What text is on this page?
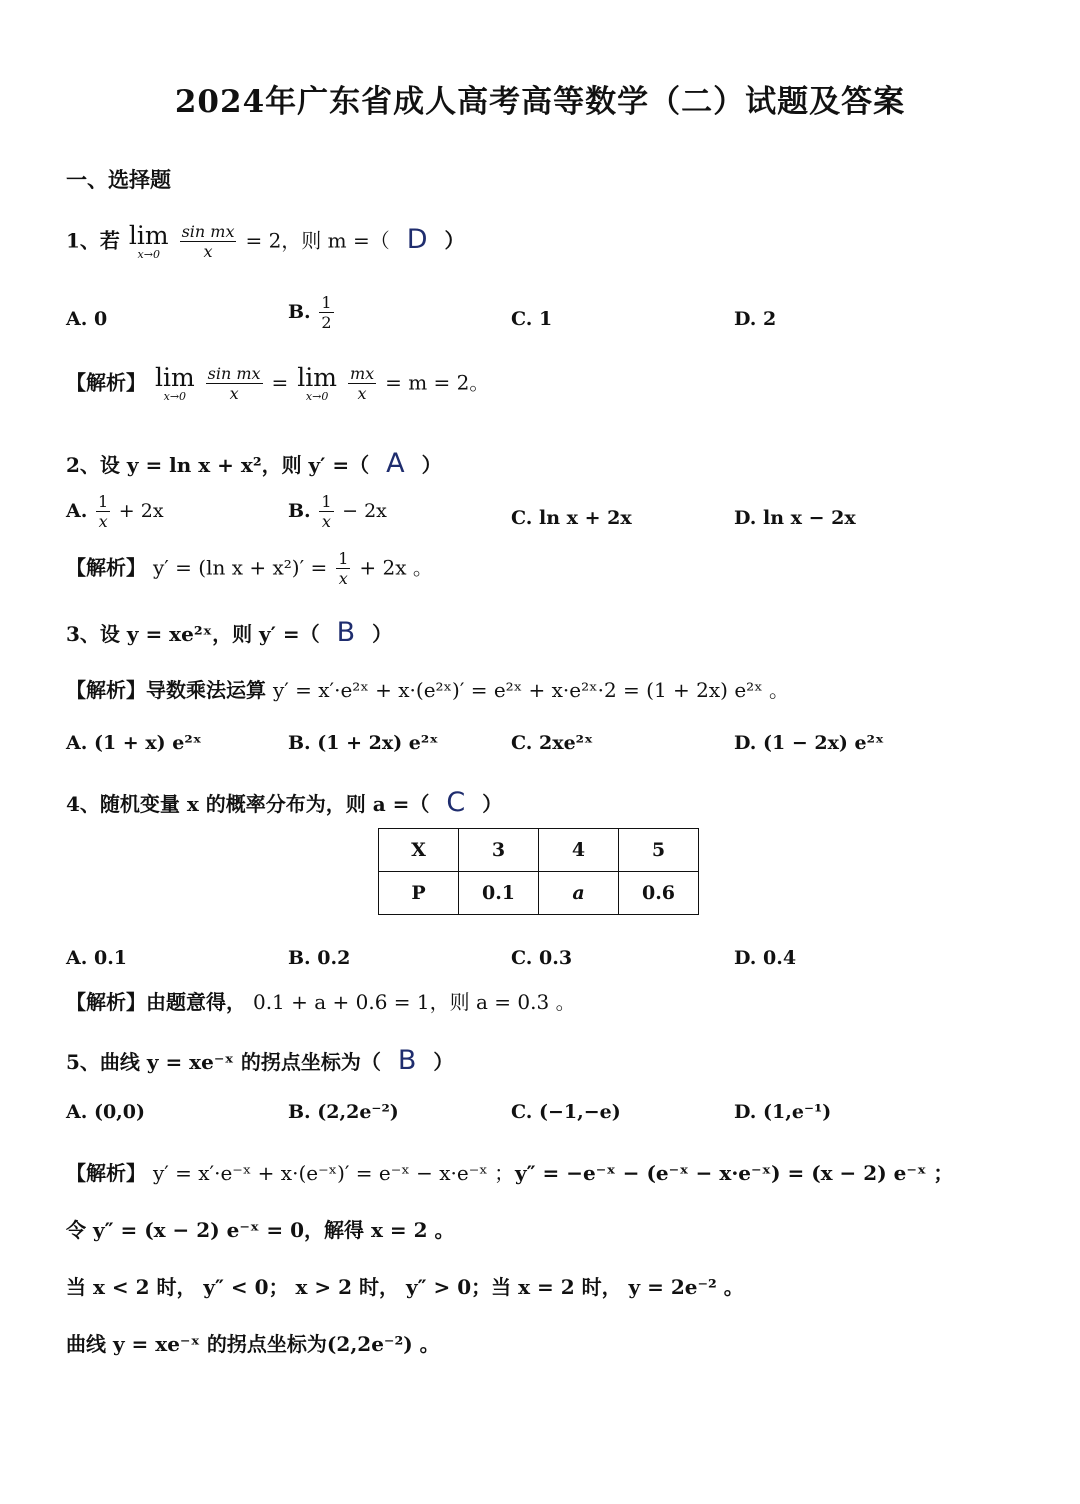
2024年广东省成人高考高等数学（二）试题及答案
一、选择题
1、若 lim
x→0
$\frac{\text{sin mx}}{x} = 2$，则 m =（ D ）
A. 0	B. $\frac{1}{2}$	C. 1	D. 2
【解析】 lim
x→0
$\frac{\text{sin mx}}{x} = \lim$
x→0
$\frac{mx}{x} = m = 2$。
2、设 y = ln x + x²，则 y′ =（ A ）
A. $\frac{1}{x} + 2x$	B. $\frac{1}{x} - 2x$	C. ln x + 2x	D. ln x − 2x
【解析】 y′ = (ln $x + x^2)' = \frac{1}{x} + 2x$ 。
3、设 y = xe²ˣ，则 y′ =（ B ）
【解析】导数乘法运算 y′ = x′·e²ˣ + x·(e²ˣ)′ = e²ˣ + x·e²ˣ·2 = (1 + 2x) e²ˣ 。
A. (1 + x) e²ˣ	B. (1 + 2x) e²ˣ	C. 2xe²ˣ	D. (1 − 2x) e²ˣ
4、随机变量 x 的概率分布为，则 a =（ C ）
X	3	4	5
P	0.1	a	0.6
A. 0.1	B. 0.2	C. 0.3	D. 0.4
【解析】由题意得， 0.1 + a + 0.6 = 1，则 a = 0.3 。
5、曲线 y = xe⁻ˣ 的拐点坐标为（ B ）
A. (0,0)	B. (2,2e⁻²)	C. (−1,−e)	D. (1,e⁻¹)
【解析】 y′ = x′·e⁻ˣ + x·(e⁻ˣ)′ = e⁻ˣ − x·e⁻ˣ ； y″ = −e⁻ˣ − (e⁻ˣ − x·e⁻ˣ) = (x − 2) e⁻ˣ ；
令 y″ = (x − 2) e⁻ˣ = 0，解得 x = 2 。
当 x < 2 时， y″ < 0； x > 2 时， y″ > 0；当 x = 2 时， y = 2e⁻² 。
曲线 y = xe⁻ˣ 的拐点坐标为(2,2e⁻²) 。
